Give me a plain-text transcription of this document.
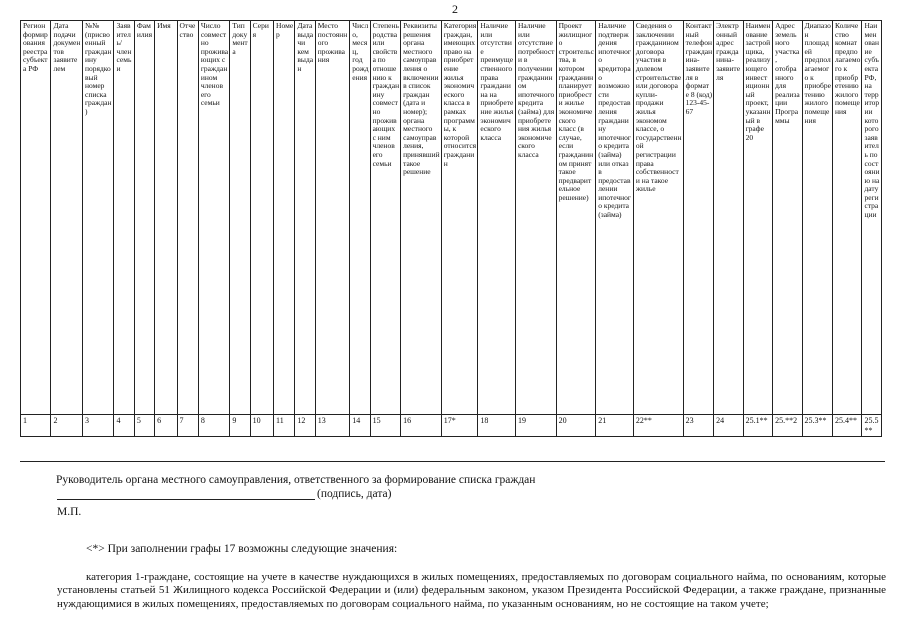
2
Регион формирования реестра субъекта РФ	Дата подачи документов заявителем	№№ (присвоенный гражданину порядковый номер списка граждан)	Заявитель/член семьи	Фамилия	Имя	Отчество	Число совместно проживающих с гражданином членов его семьи	Тип документа	Серия	Номер	Дата выдачи кем выдан	Место постоянного проживания	Число, месяц, год рождения	Степень родства или свойства по отношению к гражданину совместно проживающих с ним членов его семьи	Реквизиты решения органа местного самоуправления о включении в список граждан (дата и номер); органа местного самоуправления, принявший такое решение	Категория граждан, имеющих право на приобретение жилья экономического класса в рамках программы, к которой относится гражданин	Наличие или отсутствие преимущественного права гражданина на приобретение жилья экономического класса	Наличие или отсутствие потребности в получении гражданином ипотечного кредита (займа) для приобретения жилья экономического класса	Проект жилищного строительства, в котором гражданин планирует приобрести жилье экономического класс (в случае, если гражданином принят такое предварительное решение)	Наличие подтверждения ипотечного кредитора о возможности предоставления гражданину ипотечного кредита (займа) или отказ в предоставлении ипотечного кредита (займа)	Сведения о заключении гражданином договора участия в долевом строительстве или договора купли-продажи жилья экономом классе, о государственной регистрации права собственности на такое жилье	Контактный телефон гражданина-заявителя в формате 8 (код) 123-45-67	Электронный адрес гражданина-заявителя	Наименование застройщика, реализующего инвестиционный проект, указанный в графе 20	Адрес земельного участка, отобранного для реализации Программы	Диапазон площадей предполагаемого к приобретению жилого помещения	Количество комнат предполагаемого к приобретению жилого помещения	Наименование субъекта РФ, на территории которого заявитель по состоянию на дату регистрации
1	2	3	4	5	6	7	8	9	10	11	12	13	14	15	16	17*	18	19	20	21	22**	23	24	25.1**	25.**2	25.3**	25.4**	25.5**
Руководитель органа местного самоуправления, ответственного за формирование списка граждан
(подпись, дата)
М.П.
<*> При заполнении графы 17 возможны следующие значения:
категория 1-граждане, состоящие на учете в качестве нуждающихся в жилых помещениях, предоставляемых по договорам социального найма, по основаниям, которые установлены статьей 51 Жилищного кодекса Российской Федерации и (или) федеральным законом, указом Президента Российской Федерации, а также граждане, признанные нуждающимися в жилых помещениях, предоставляемых по договорам социального найма, по указанным основаниям, но не состоящие на таком учете;
